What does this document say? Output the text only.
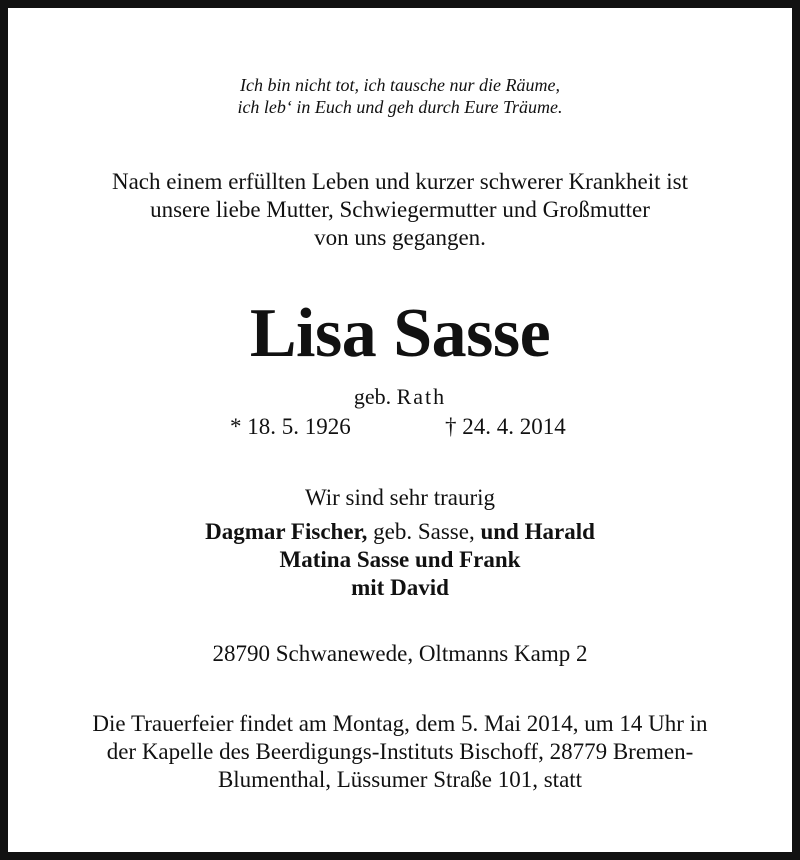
Ich bin nicht tot, ich tausche nur die Räume,
ich leb‘ in Euch und geh durch Eure Träume.
Nach einem erfüllten Leben und kurzer schwerer Krankheit ist
unsere liebe Mutter, Schwiegermutter und Großmutter
von uns gegangen.
Lisa Sasse
geb. Rath
* 18. 5. 1926	† 24. 4. 2014
Wir sind sehr traurig
Dagmar Fischer, geb. Sasse, und Harald
Matina Sasse und Frank
mit David
28790 Schwanewede, Oltmanns Kamp 2
Die Trauerfeier findet am Montag, dem 5. Mai 2014, um 14 Uhr in
der Kapelle des Beerdigungs-Instituts Bischoff, 28779 Bremen-
Blumenthal, Lüssumer Straße 101, statt
